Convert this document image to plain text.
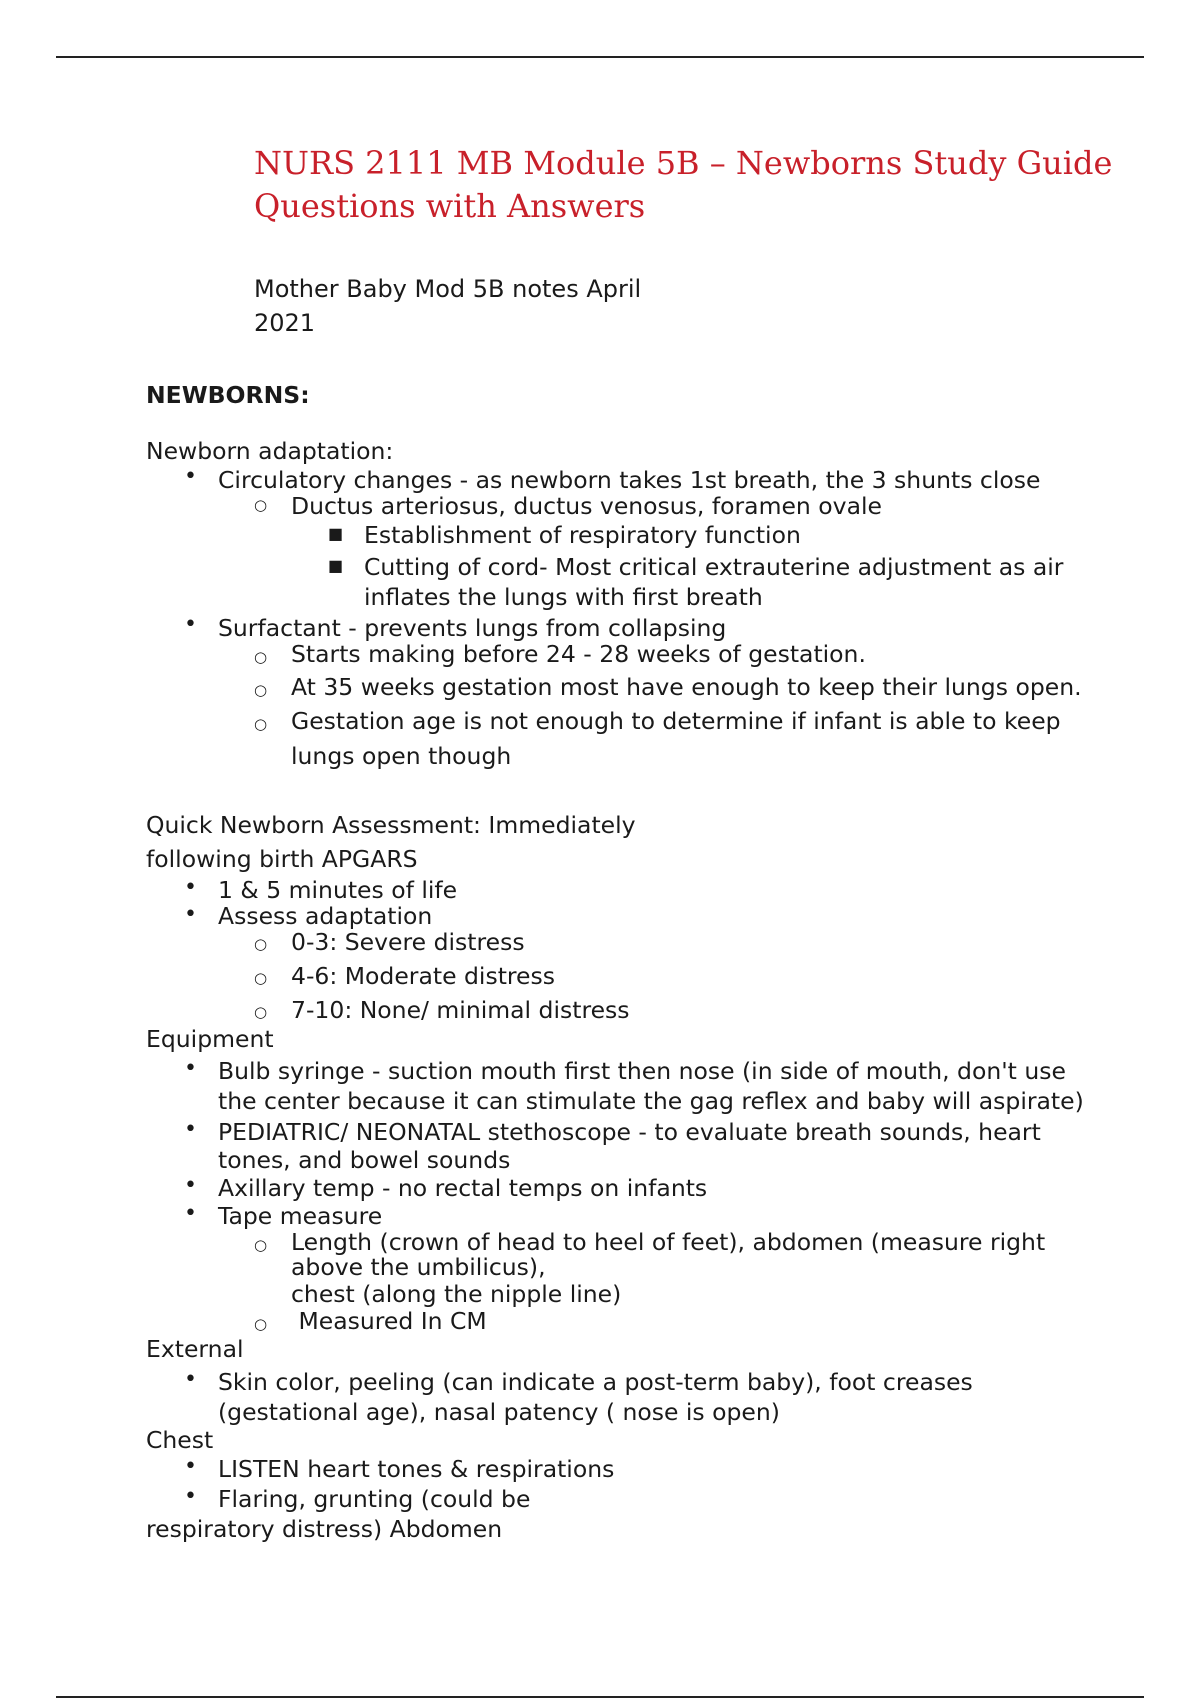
NURS 2111 MB Module 5B – Newborns Study Guide Questions with Answers
Mother Baby Mod 5B notes April
2021
NEWBORNS:
Newborn adaptation:
• Circulatory changes - as newborn takes 1st breath, the 3 shunts close
○ Ductus arteriosus, ductus venosus, foramen ovale
■ Establishment of respiratory function
■ Cutting of cord- Most critical extrauterine adjustment as air
inflates the lungs with first breath
• Surfactant - prevents lungs from collapsing
○ Starts making before 24 - 28 weeks of gestation.
○ At 35 weeks gestation most have enough to keep their lungs open.
○ Gestation age is not enough to determine if infant is able to keep
lungs open though
Quick Newborn Assessment: Immediately
following birth APGARS
• 1 & 5 minutes of life
• Assess adaptation
○ 0-3: Severe distress
○ 4-6: Moderate distress
○ 7-10: None/ minimal distress
Equipment
• Bulb syringe - suction mouth first then nose (in side of mouth, don't use
the center because it can stimulate the gag reflex and baby will aspirate)
• PEDIATRIC/ NEONATAL stethoscope - to evaluate breath sounds, heart
tones, and bowel sounds
• Axillary temp - no rectal temps on infants
• Tape measure
○ Length (crown of head to heel of feet), abdomen (measure right
above the umbilicus),
chest (along the nipple line)
○ Measured In CM
External
• Skin color, peeling (can indicate a post-term baby), foot creases
(gestational age), nasal patency ( nose is open)
Chest
• LISTEN heart tones & respirations
• Flaring, grunting (could be
respiratory distress) Abdomen
